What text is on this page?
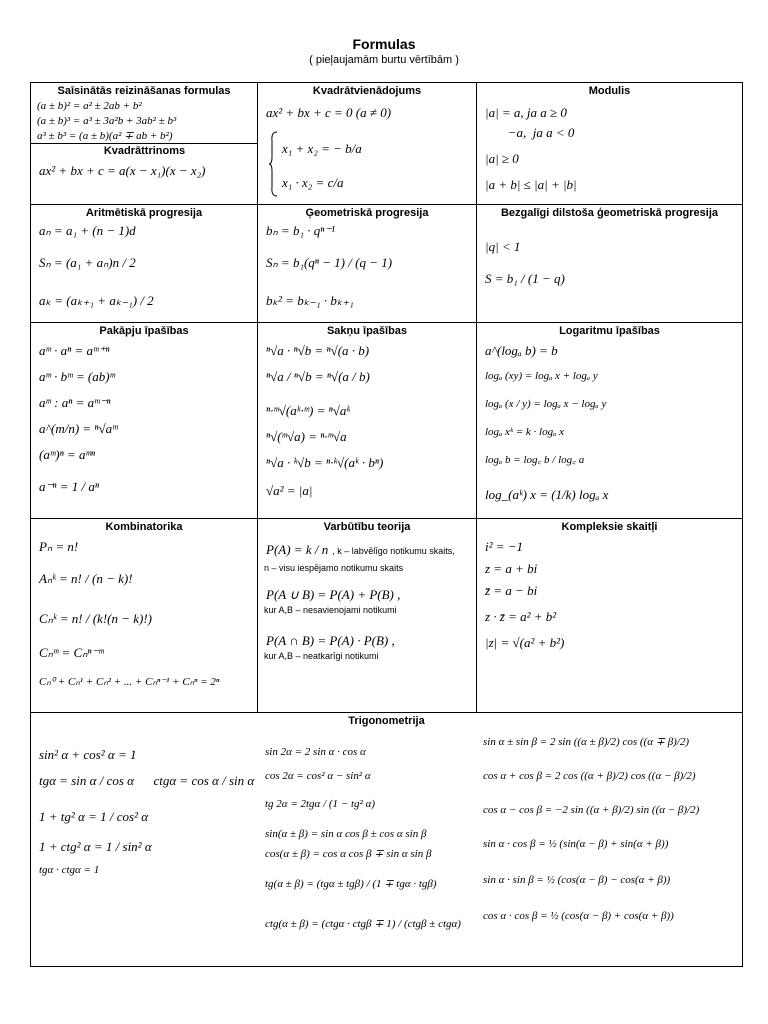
Formulas
( pieļaujamām burtu vērtībām )
Saīsinātās reizināšanas formulas
(a ± b)² = a² ± 2ab + b²
(a ± b)³ = a³ ± 3a²b + 3ab² ± b³
a³ ± b³ = (a ± b)(a² ∓ ab + b²)
Kvadrāttrinoms
ax² + bx + c = a(x − x₁)(x − x₂)
Kvadrātvienādojums
ax² + bx + c = 0 (a ≠ 0)
x₁ + x₂ = − b/a
x₁ · x₂ = c/a
Modulis
|a| = a, ja a ≥ 0
−a,  ja a < 0
|a| ≥ 0
|a + b| ≤ |a| + |b|
Aritmētiskā progresija
aₙ = a₁ + (n − 1)d
Sₙ = (a₁ + aₙ)n / 2
aₖ = (aₖ₊₁ + aₖ₋₁) / 2
Ģeometriskā progresija
bₙ = b₁ · qⁿ⁻¹
Sₙ = b₁(qⁿ − 1) / (q − 1)
bₖ² = bₖ₋₁ · bₖ₊₁
Bezgalīgi dilstoša ģeometriskā progresija
|q| < 1
S = b₁ / (1 − q)
Pakāpju īpašības
aᵐ · aⁿ = aᵐ⁺ⁿ
aᵐ · bᵐ = (ab)ᵐ
aᵐ : aⁿ = aᵐ⁻ⁿ
a^(m/n) = ⁿ√aᵐ
(aᵐ)ⁿ = aᵐⁿ
a⁻ⁿ = 1 / aⁿ
Sakņu īpašības
ⁿ√a · ⁿ√b = ⁿ√(a · b)
ⁿ√a / ⁿ√b = ⁿ√(a / b)
ⁿ·ᵐ√(aᵏ·ᵐ) = ⁿ√aᵏ
ⁿ√(ᵐ√a) = ⁿ·ᵐ√a
ⁿ√a · ᵏ√b = ⁿ·ᵏ√(aᵏ · bⁿ)
√a² = |a|
Logaritmu īpašības
a^(logₐ b) = b
logₐ (xy) = logₐ x + logₐ y
logₐ (x / y) = logₐ x − logₐ y
logₐ xᵏ = k · logₐ x
logₐ b = log꜀ b / log꜀ a
log_(aᵏ) x = (1/k) logₐ x
Kombinatorika
Pₙ = n!
Aₙᵏ = n! / (n − k)!
Cₙᵏ = n! / (k!(n − k)!)
Cₙᵐ = Cₙⁿ⁻ᵐ
Cₙ⁰ + Cₙ¹ + Cₙ² + ... + Cₙⁿ⁻¹ + Cₙⁿ = 2ⁿ
Varbūtību teorija
P(A) = k / n , k – labvēlīgo notikumu skaits,
n – visu iespējamo notikumu skaits
P(A ∪ B) = P(A) + P(B) ,
kur A,B – nesavienojami notikumi
P(A ∩ B) = P(A) · P(B) ,
kur A,B – neatkarīgi notikumi
Kompleksie skaitļi
i² = −1
z = a + bi
z̄ = a − bi
z · z̄ = a² + b²
|z| = √(a² + b²)
Trigonometrija
sin² α + cos² α = 1
tgα = sin α / cos α      ctgα = cos α / sin α
1 + tg² α = 1 / cos² α
1 + ctg² α = 1 / sin² α
tgα · ctgα = 1
sin 2α = 2 sin α · cos α
cos 2α = cos² α − sin² α
tg 2α = 2tgα / (1 − tg² α)
sin(α ± β) = sin α cos β ± cos α sin β
cos(α ± β) = cos α cos β ∓ sin α sin β
tg(α ± β) = (tgα ± tgβ) / (1 ∓ tgα · tgβ)
ctg(α ± β) = (ctgα · ctgβ ∓ 1) / (ctgβ ± ctgα)
sin α ± sin β = 2 sin ((α ± β)/2) cos ((α ∓ β)/2)
cos α + cos β = 2 cos ((α + β)/2) cos ((α − β)/2)
cos α − cos β = −2 sin ((α + β)/2) sin ((α − β)/2)
sin α · cos β = ½ (sin(α − β) + sin(α + β))
sin α · sin β = ½ (cos(α − β) − cos(α + β))
cos α · cos β = ½ (cos(α − β) + cos(α + β))
